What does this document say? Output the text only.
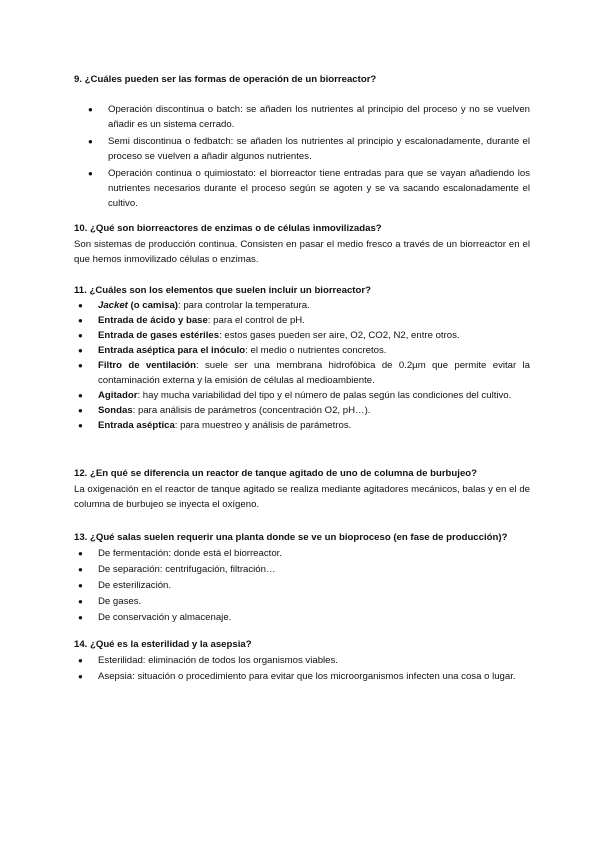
9. ¿Cuáles pueden ser las formas de operación de un biorreactor?

● Operación discontinua o batch: se añaden los nutrientes al principio del proceso y no se vuelven añadir es un sistema cerrado.
● Semi discontinua o fedbatch: se añaden los nutrientes al principio y escalonadamente, durante el proceso se vuelven a añadir algunos nutrientes.
● Operación continua o quimiostato: el biorreactor tiene entradas para que se vayan añadiendo los nutrientes necesarios durante el proceso según se agoten y se va sacando escalonadamente el cultivo.

10. ¿Qué son biorreactores de enzimas o de células inmovilizadas?

Son sistemas de producción continua. Consisten en pasar el medio fresco a través de un biorreactor en el que hemos inmovilizado células o enzimas.

11. ¿Cuáles son los elementos que suelen incluir un biorreactor?

● Jacket (o camisa): para controlar la temperatura.
● Entrada de ácido y base: para el control de pH.
● Entrada de gases estériles: estos gases pueden ser aire, O2, CO2, N2, entre otros.
● Entrada aséptica para el inóculo: el medio o nutrientes concretos.
● Filtro de ventilación: suele ser una membrana hidrofóbica de 0.2µm que permite evitar la contaminación externa y la emisión de células al medioambiente.
● Agitador: hay mucha variabilidad del tipo y el número de palas según las condiciones del cultivo.
● Sondas: para análisis de parámetros (concentración O2, pH…).
● Entrada aséptica: para muestreo y análisis de parámetros.

12. ¿En qué se diferencia un reactor de tanque agitado de uno de columna de burbujeo?

La oxigenación en el reactor de tanque agitado se realiza mediante agitadores mecánicos, balas y en el de columna de burbujeo se inyecta el oxígeno.

13. ¿Qué salas suelen requerir una planta donde se ve un bioproceso (en fase de producción)?

● De fermentación: donde está el biorreactor.
● De separación: centrifugación, filtración…
● De esterilización.
● De gases.
● De conservación y almacenaje.

14. ¿Qué es la esterilidad y la asepsia?

● Esterilidad: eliminación de todos los organismos viables.
● Asepsia: situación o procedimiento para evitar que los microorganismos infecten una cosa o lugar.
